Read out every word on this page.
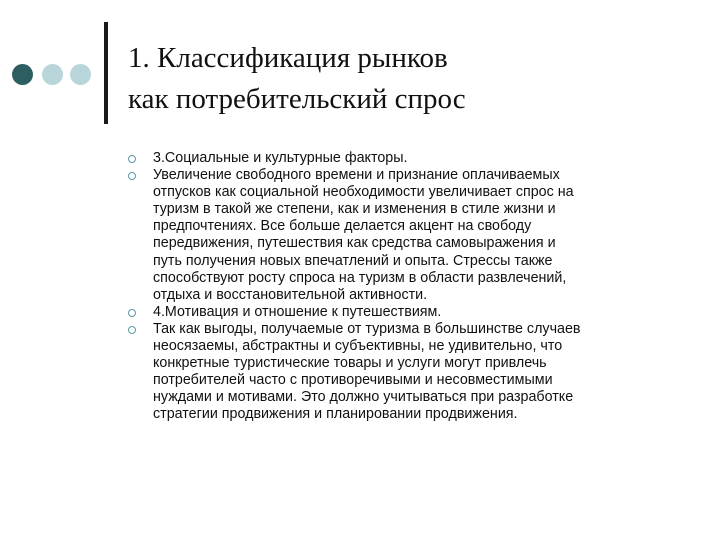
1. Классификация рынков
как потребительский спрос
3.Социальные и культурные факторы.
Увеличение свободного времени и признание оплачиваемых
отпусков как социальной необходимости увеличивает спрос на
туризм в такой же степени, как и изменения в стиле жизни и
предпочтениях. Все больше делается акцент на свободу
передвижения, путешествия как средства самовыражения и
путь получения новых впечатлений и опыта. Стрессы также
способствуют росту спроса на туризм в области развлечений,
отдыха и восстановительной активности.
4.Мотивация и отношение к путешествиям.
Так как выгоды, получаемые от туризма в большинстве случаев
неосязаемы, абстрактны и субъективны, не удивительно, что
конкретные туристические товары и услуги могут привлечь
потребителей часто с противоречивыми и несовместимыми
нуждами и мотивами. Это должно учитываться при разработке
стратегии продвижения и планировании продвижения.
